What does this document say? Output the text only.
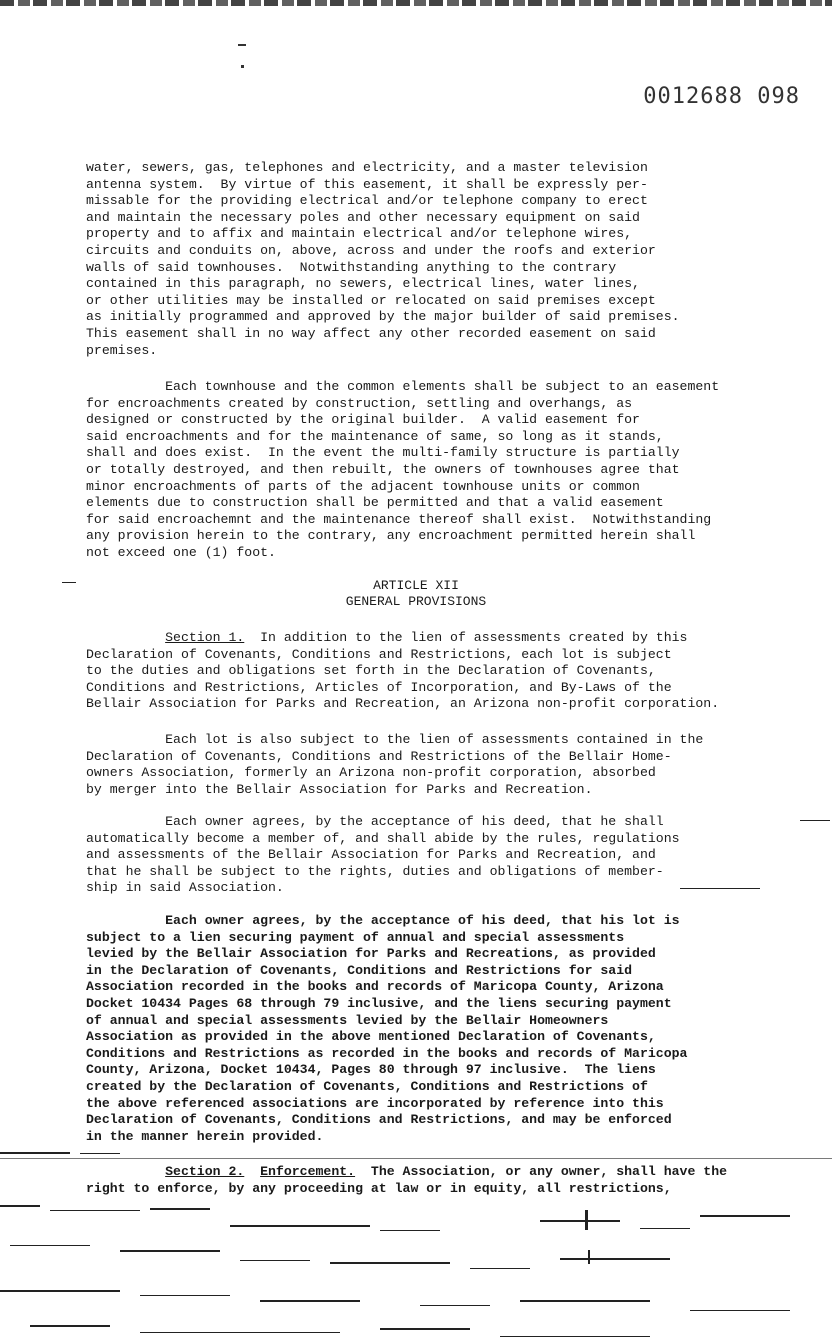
0012688 098

water, sewers, gas, telephones and electricity, and a master television
antenna system.  By virtue of this easement, it shall be expressly per-
missable for the providing electrical and/or telephone company to erect
and maintain the necessary poles and other necessary equipment on said
property and to affix and maintain electrical and/or telephone wires,
circuits and conduits on, above, across and under the roofs and exterior
walls of said townhouses.  Notwithstanding anything to the contrary
contained in this paragraph, no sewers, electrical lines, water lines,
or other utilities may be installed or relocated on said premises except
as initially programmed and approved by the major builder of said premises.
This easement shall in no way affect any other recorded easement on said
premises.

Each townhouse and the common elements shall be subject to an easement
for encroachments created by construction, settling and overhangs, as
designed or constructed by the original builder.  A valid easement for
said encroachments and for the maintenance of same, so long as it stands,
shall and does exist.  In the event the multi-family structure is partially
or totally destroyed, and then rebuilt, the owners of townhouses agree that
minor encroachments of parts of the adjacent townhouse units or common
elements due to construction shall be permitted and that a valid easement
for said encroachemnt and the maintenance thereof shall exist.  Notwithstanding
any provision herein to the contrary, any encroachment permitted herein shall
not exceed one (1) foot.

ARTICLE XII

GENERAL PROVISIONS

Section 1.  In addition to the lien of assessments created by this
Declaration of Covenants, Conditions and Restrictions, each lot is subject
to the duties and obligations set forth in the Declaration of Covenants,
Conditions and Restrictions, Articles of Incorporation, and By-Laws of the
Bellair Association for Parks and Recreation, an Arizona non-profit corporation.

Each lot is also subject to the lien of assessments contained in the
Declaration of Covenants, Conditions and Restrictions of the Bellair Home-
owners Association, formerly an Arizona non-profit corporation, absorbed
by merger into the Bellair Association for Parks and Recreation.

Each owner agrees, by the acceptance of his deed, that he shall
automatically become a member of, and shall abide by the rules, regulations
and assessments of the Bellair Association for Parks and Recreation, and
that he shall be subject to the rights, duties and obligations of member-
ship in said Association.

Each owner agrees, by the acceptance of his deed, that his lot is
subject to a lien securing payment of annual and special assessments
levied by the Bellair Association for Parks and Recreations, as provided
in the Declaration of Covenants, Conditions and Restrictions for said
Association recorded in the books and records of Maricopa County, Arizona
Docket 10434 Pages 68 through 79 inclusive, and the liens securing payment
of annual and special assessments levied by the Bellair Homeowners
Association as provided in the above mentioned Declaration of Covenants,
Conditions and Restrictions as recorded in the books and records of Maricopa
County, Arizona, Docket 10434, Pages 80 through 97 inclusive.  The liens
created by the Declaration of Covenants, Conditions and Restrictions of
the above referenced associations are incorporated by reference into this
Declaration of Covenants, Conditions and Restrictions, and may be enforced
in the manner herein provided.

Section 2. Enforcement.  The Association, or any owner, shall have the
right to enforce, by any proceeding at law or in equity, all restrictions,
